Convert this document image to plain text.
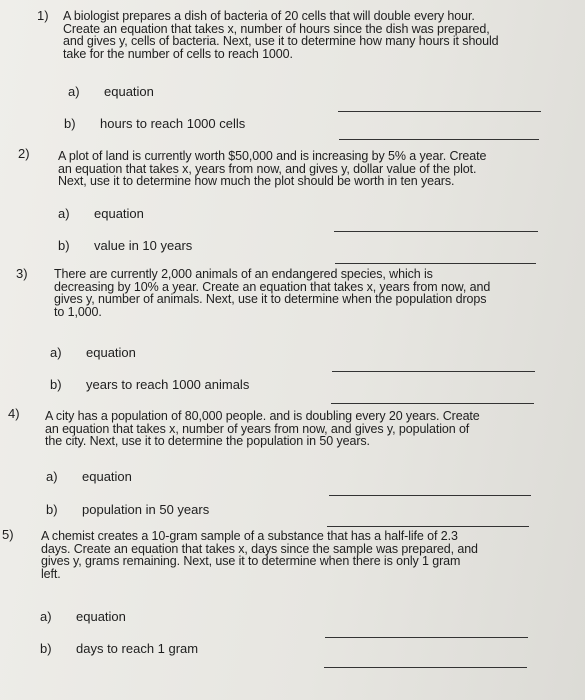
1) A biologist prepares a dish of bacteria of 20 cells that will double every hour.
Create an equation that takes x, number of hours since the dish was prepared,
and gives y, cells of bacteria. Next, use it to determine how many hours it should
take for the number of cells to reach 1000.
a) equation
b) hours to reach 1000 cells
2) A plot of land is currently worth $50,000 and is increasing by 5% a year. Create
an equation that takes x, years from now, and gives y, dollar value of the plot.
Next, use it to determine how much the plot should be worth in ten years.
a) equation
b) value in 10 years
3) There are currently 2,000 animals of an endangered species, which is
decreasing by 10% a year. Create an equation that takes x, years from now, and
gives y, number of animals. Next, use it to determine when the population drops
to 1,000.
a) equation
b) years to reach 1000 animals
4) A city has a population of 80,000 people. and is doubling every 20 years. Create
an equation that takes x, number of years from now, and gives y, population of
the city. Next, use it to determine the population in 50 years.
a) equation
b) population in 50 years
5) A chemist creates a 10-gram sample of a substance that has a half-life of 2.3
days. Create an equation that takes x, days since the sample was prepared, and
gives y, grams remaining. Next, use it to determine when there is only 1 gram
left.
a) equation
b) days to reach 1 gram
